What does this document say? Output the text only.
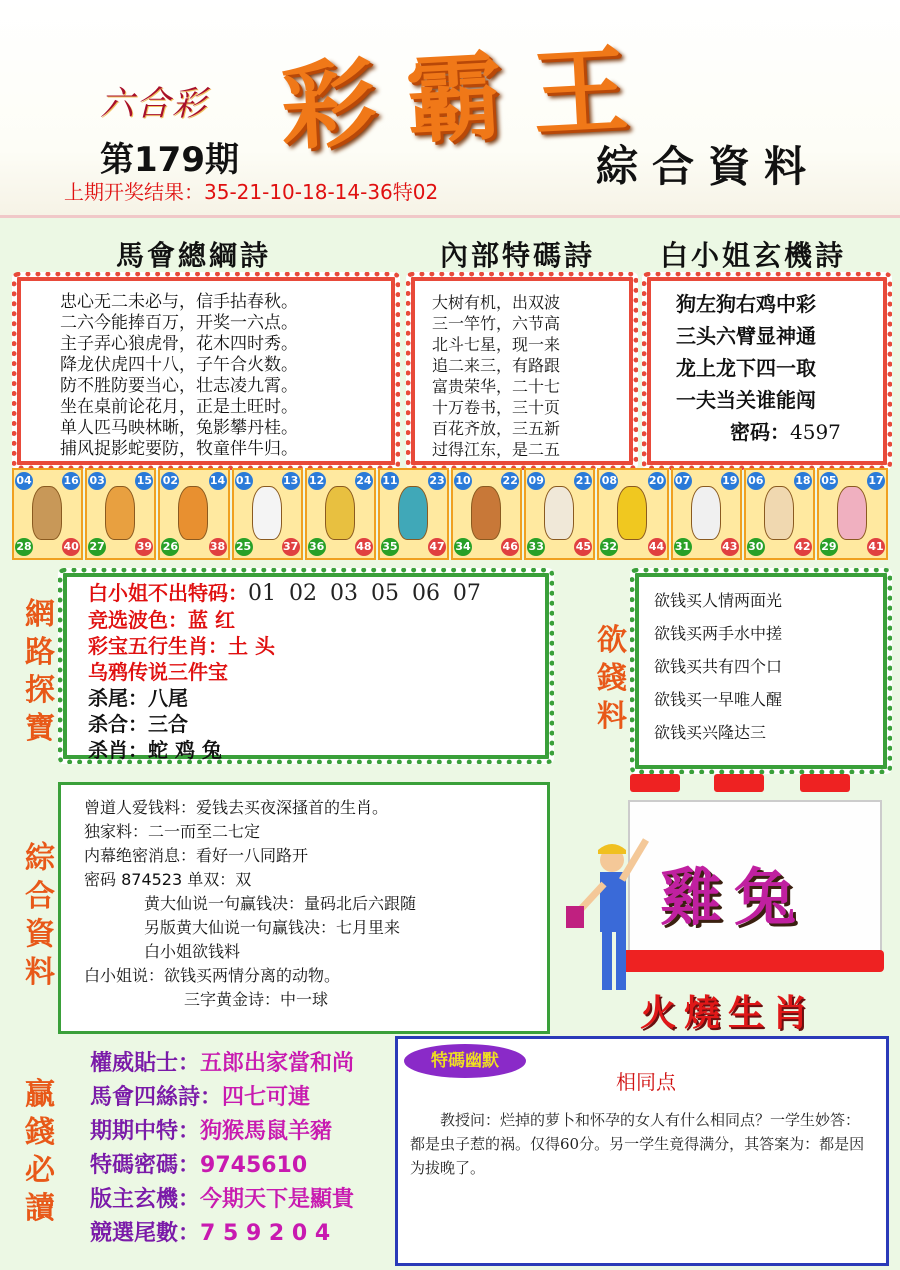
六合彩 彩霸王
綜合資料
第179期
上期开奖结果：35-21-10-18-14-36特02
馬會總綱詩	內部特碼詩 白小姐玄機詩
忠心无二未必与，信手拈春秋。
二六今能捧百万，开奖一六点。
主子弄心狼虎骨，花木四时秀。
降龙伏虎四十八，子午合火数。
防不胜防要当心，壮志凌九霄。
坐在桌前论花月，正是土旺时。
单人匹马映林晰，兔影攀丹桂。
捕风捉影蛇要防，牧童伴牛归。
大树有机，出双波
三一竿竹，六节高
北斗七星，现一来
追二来三，有路跟
富贵荣华，二十七
十万卷书，三十页
百花齐放，三五新
过得江东，是二五
狗左狗右鸡中彩
三头六臂显神通
龙上龙下四一取
一夫当关谁能闯
密码：4597
04	16
28	40
03	15
27	39
02	14
26	38
01	13
25	37
12	24
36	48
11	23
35	47
10	22
34	46
09	21
33	45
08	20
32	44
07	19
31	43
06	18
30	42
05	17
29	41
網
路
探
寶
白小姐不出特码：01 02 03 05 06 07
竞选波色：蓝 红
彩宝五行生肖：土 头
乌鸦传说三件宝
杀尾：八尾
杀合：三合
杀肖：蛇 鸡 兔
欲
錢
料
欲钱买人情两面光
欲钱买两手水中搓
欲钱买共有四个口
欲钱买一早唯人醒
欲钱买兴隆达三
綜
合
資
料
曾道人爱钱料：爱钱去买夜深搔首的生肖。
独家料：二一而至二七定
内幕绝密消息：看好一八同路开
密码 874523 单双：双
黄大仙说一句赢钱决：量码北后六跟随
另版黄大仙说一句赢钱决：七月里来
白小姐欲钱料
白小姐说：欲钱买两情分离的动物。
三字黄金诗：中一球
雞兔
火燒生肖
贏
錢
必
讀
權威貼士：五郎出家當和尚
馬會四絲詩：四七可連
期期中特：狗猴馬鼠羊豬
特碼密碼：9745610
版主玄機：今期天下是顯貴
競選尾數：7 5 9 2 0 4
特碼幽默
相同点
教授问：烂掉的萝卜和怀孕的女人有什么相同点？一学生妙答：都是虫子惹的祸。仅得60分。另一学生竟得满分，其答案为：都是因为拔晚了。
